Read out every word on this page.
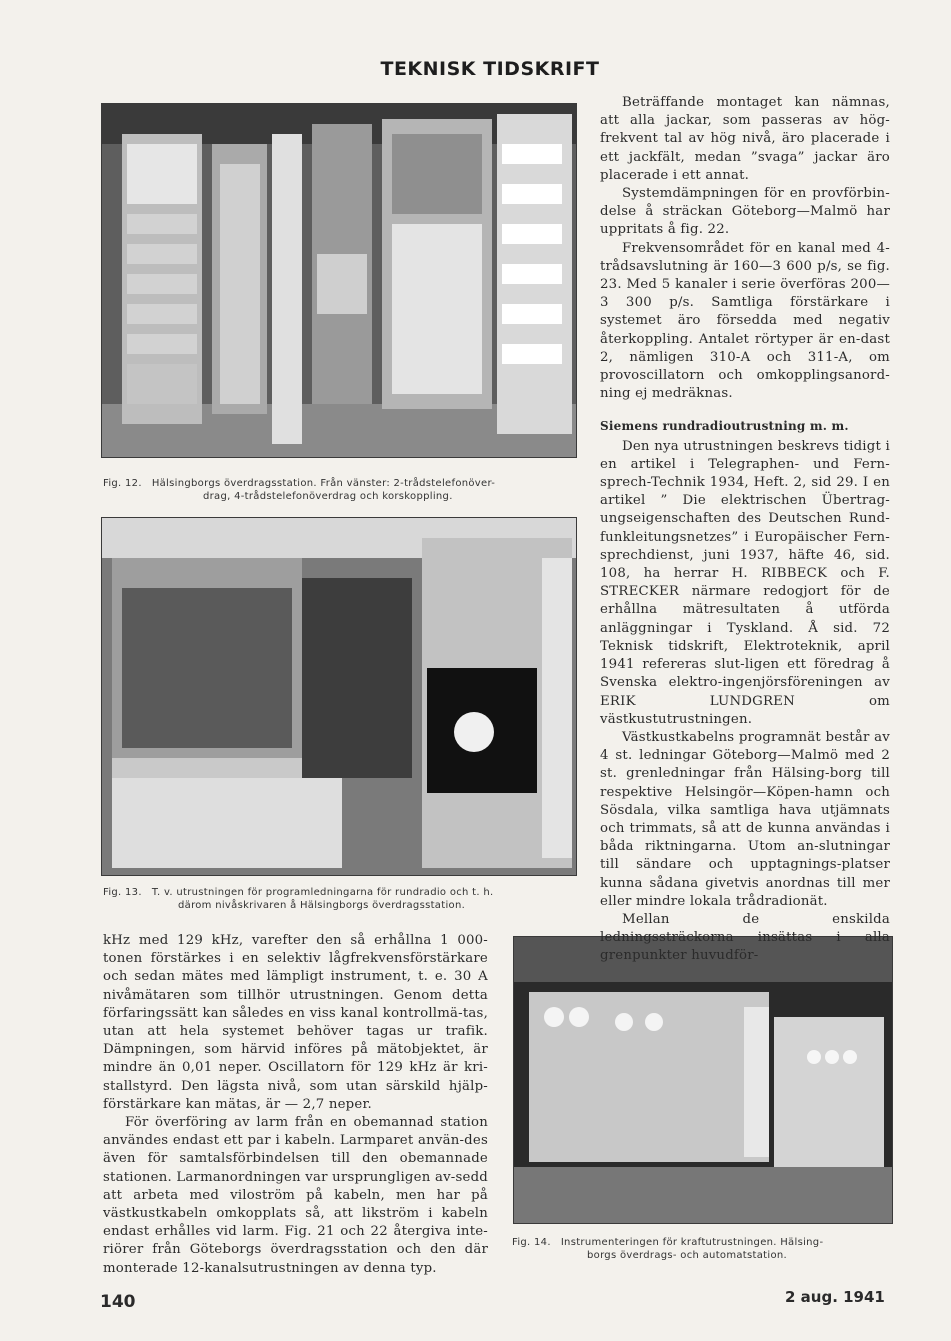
TEKNISK TIDSKRIFT
Fig. 12. Hälsingborgs överdragsstation. Från vänster: 2-trådstelefonöver-
drag, 4-trådstelefonöverdrag och korskoppling.
Fig. 13. T. v. utrustningen för programledningarna för rundradio och t. h.
därom nivåskrivaren å Hälsingborgs överdragsstation.
Fig. 14. Instrumenteringen för kraftutrustningen. Hälsing-
borgs överdrags- och automatstation.

Beträffande montaget kan nämnas, att alla jackar, som passeras av hög-frekvent tal av hög nivå, äro placerade i ett jackfält, medan ”svaga” jackar äro placerade i ett annat.

Systemdämpningen för en provförbin-delse å sträckan Göteborg—Malmö har uppritats å fig. 22.

Frekvensområdet för en kanal med 4-trådsavslutning är 160—3 600 p/s, se fig. 23. Med 5 kanaler i serie överföras 200—3 300 p/s. Samtliga förstärkare i systemet äro försedda med negativ återkoppling. Antalet rörtyper är en-dast 2, nämligen 310-A och 311-A, om provoscillatorn och omkopplingsanord-ning ej medräknas.

Siemens rundradioutrustning m. m.

Den nya utrustningen beskrevs tidigt i en artikel i Telegraphen- und Fern-sprech-Technik 1934, Heft. 2, sid 29. I en artikel ” Die elektrischen Übertrag-ungseigenschaften des Deutschen Rund-funkleitungsnetzes” i Europäischer Fern-sprechdienst, juni 1937, häfte 46, sid. 108, ha herrar H. RIBBECK och F. STRECKER närmare redogjort för de erhållna mätresultaten å utförda anläggningar i Tyskland. Å sid. 72 Teknisk tidskrift, Elektroteknik, april 1941 refereras slut-ligen ett föredrag å Svenska elektro-ingenjörsföreningen av ERIK LUNDGREN om västkustutrustningen.

Västkustkabelns programnät består av 4 st. ledningar Göteborg—Malmö med 2 st. grenledningar från Hälsing-borg till respektive Helsingör—Köpen-hamn och Sösdala, vilka samtliga hava utjämnats och trimmats, så att de kunna användas i båda riktningarna. Utom an-slutningar till sändare och upptagnings-platser kunna sådana givetvis anordnas till mer eller mindre lokala trådradionät.

Mellan de enskilda ledningssträckorna insättas i alla grenpunkter huvudför-

kHz med 129 kHz, varefter den så erhållna 1 000-tonen förstärkes i en selektiv lågfrekvensförstärkare och sedan mätes med lämpligt instrument, t. e. 30 A nivåmätaren som tillhör utrustningen. Genom detta förfaringssätt kan således en viss kanal kontrollmä-tas, utan att hela systemet behöver tagas ur trafik. Dämpningen, som härvid införes på mätobjektet, är mindre än 0,01 neper. Oscillatorn för 129 kHz är kri-stallstyrd. Den lägsta nivå, som utan särskild hjälp-förstärkare kan mätas, är — 2,7 neper.

För överföring av larm från en obemannad station användes endast ett par i kabeln. Larmparet använ-des även för samtalsförbindelsen till den obemannade stationen. Larmanordningen var ursprungligen av-sedd att arbeta med viloström på kabeln, men har på västkustkabeln omkopplats så, att likström i kabeln endast erhålles vid larm. Fig. 21 och 22 återgiva inte-riörer från Göteborgs överdragsstation och den där monterade 12-kanalsutrustningen av denna typ.

140	2 aug. 1941
